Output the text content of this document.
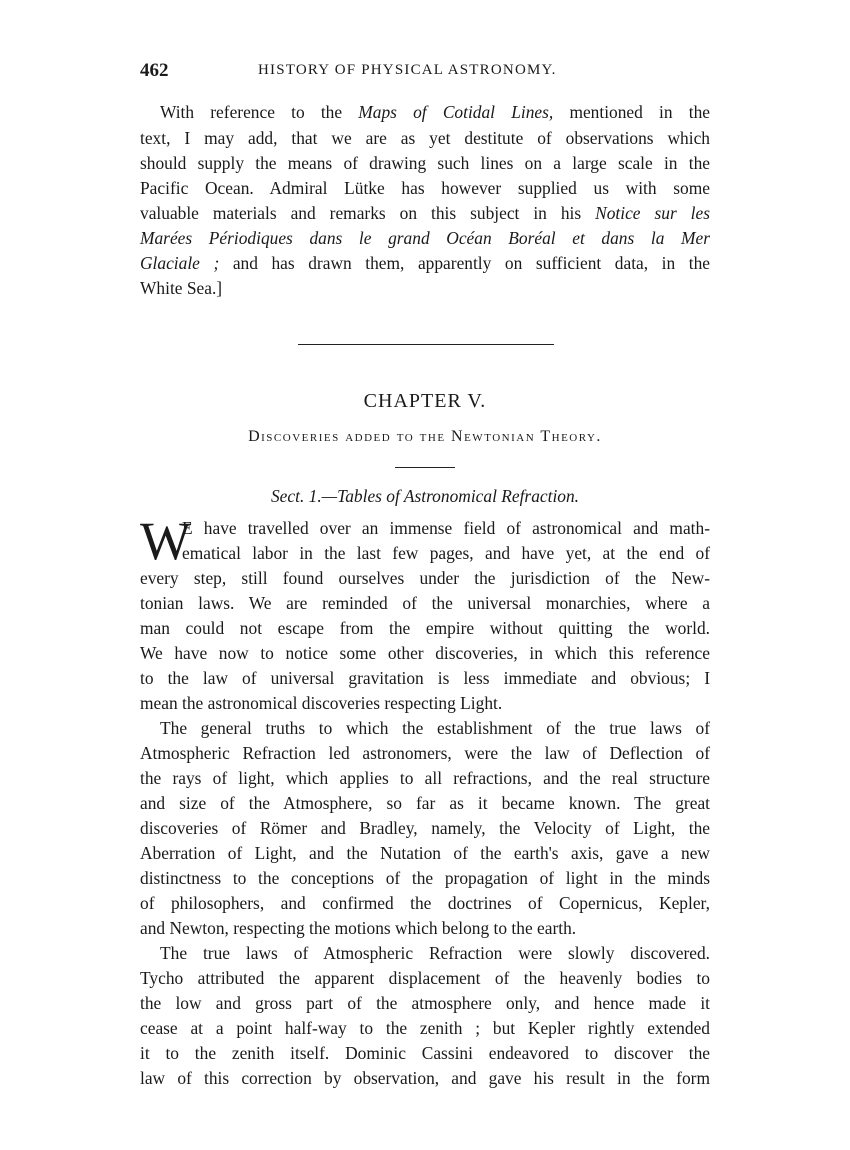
462	HISTORY OF PHYSICAL ASTRONOMY.
With reference to the Maps of Cotidal Lines, mentioned in the
text, I may add, that we are as yet destitute of observations which
should supply the means of drawing such lines on a large scale in the
Pacific Ocean. Admiral Lütke has however supplied us with some
valuable materials and remarks on this subject in his Notice sur les
Marées Périodiques dans le grand Océan Boréal et dans la Mer
Glaciale ; and has drawn them, apparently on sufficient data, in the
White Sea.]
CHAPTER V.
Discoveries added to the Newtonian Theory.
Sect. 1.—Tables of Astronomical Refraction.
W
E have travelled over an immense field of astronomical and math-
ematical labor in the last few pages, and have yet, at the end of
every step, still found ourselves under the jurisdiction of the New-
tonian laws. We are reminded of the universal monarchies, where a
man could not escape from the empire without quitting the world.
We have now to notice some other discoveries, in which this reference
to the law of universal gravitation is less immediate and obvious; I
mean the astronomical discoveries respecting Light.
The general truths to which the establishment of the true laws of
Atmospheric Refraction led astronomers, were the law of Deflection of
the rays of light, which applies to all refractions, and the real structure
and size of the Atmosphere, so far as it became known. The great
discoveries of Römer and Bradley, namely, the Velocity of Light, the
Aberration of Light, and the Nutation of the earth's axis, gave a new
distinctness to the conceptions of the propagation of light in the minds
of philosophers, and confirmed the doctrines of Copernicus, Kepler,
and Newton, respecting the motions which belong to the earth.
The true laws of Atmospheric Refraction were slowly discovered.
Tycho attributed the apparent displacement of the heavenly bodies to
the low and gross part of the atmosphere only, and hence made it
cease at a point half-way to the zenith ; but Kepler rightly extended
it to the zenith itself. Dominic Cassini endeavored to discover the
law of this correction by observation, and gave his result in the form
